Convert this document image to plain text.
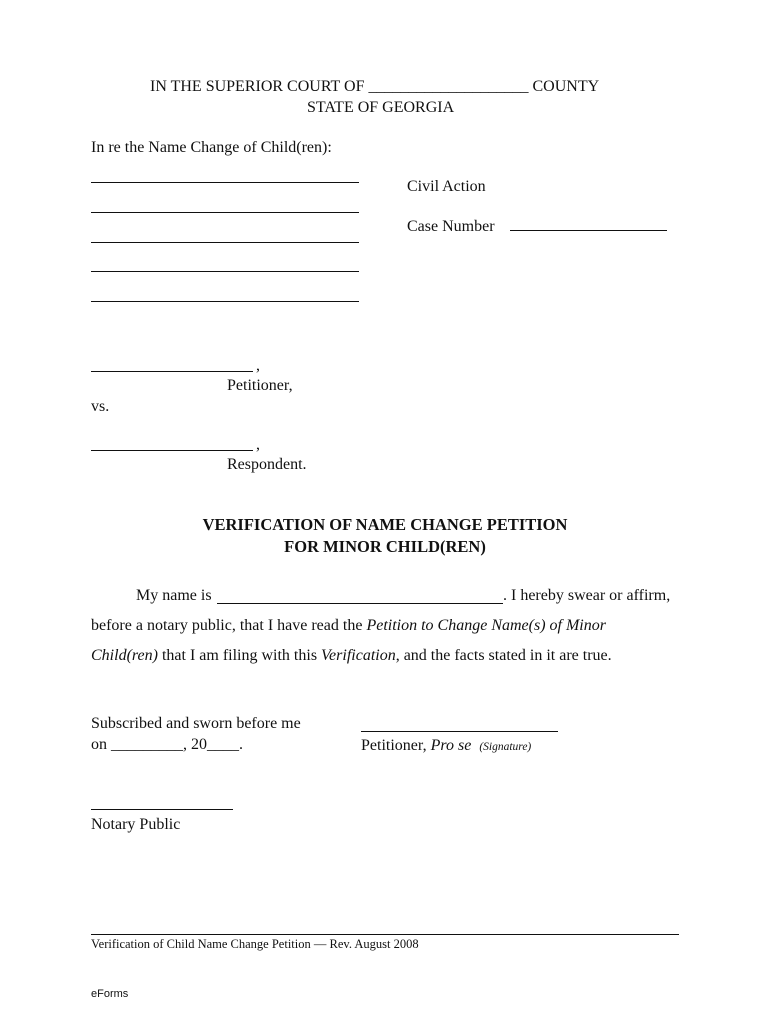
IN THE SUPERIOR COURT OF ____________________ COUNTY
STATE OF GEORGIA
In re the Name Change of Child(ren):
Civil Action
Case Number
,
Petitioner,
vs.
,
Respondent.
VERIFICATION OF NAME CHANGE PETITION
FOR MINOR CHILD(REN)
My name is	. I hereby swear or affirm,
before a notary public, that I have read the Petition to Change Name(s) of Minor
Child(ren) that I am filing with this Verification, and the facts stated in it are true.
Subscribed and sworn before me
on _________, 20____.	Petitioner, Pro se (Signature)
Notary Public
Verification of Child Name Change Petition — Rev. August 2008
eForms
